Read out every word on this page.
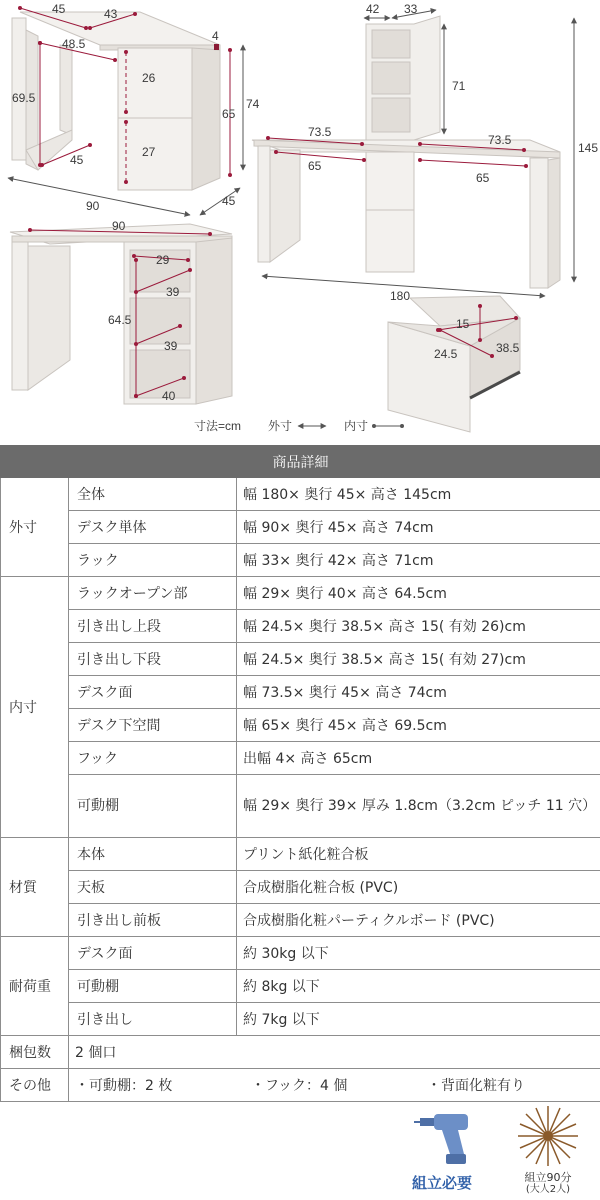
45	43
48.5
4
69.5
26
74
65
45
27
90	45
42 33
71
73.5
73.5
65
65
145
180
90
29
39
64.5
39
40
15
38.5
24.5
寸法=cm 外寸	内寸
商品詳細		
外寸	全体	幅 180× 奥行 45× 高さ 145cm
	デスク単体	幅 90× 奥行 45× 高さ 74cm
	ラック	幅 33× 奥行 42× 高さ 71cm
内寸	ラックオープン部	幅 29× 奥行 40× 高さ 64.5cm
	引き出し上段	幅 24.5× 奥行 38.5× 高さ 15( 有効 26)cm
	引き出し下段	幅 24.5× 奥行 38.5× 高さ 15( 有効 27)cm
	デスク面	幅 73.5× 奥行 45× 高さ 74cm
	デスク下空間	幅 65× 奥行 45× 高さ 69.5cm
	フック	出幅 4× 高さ 65cm
	可動棚	幅 29× 奥行 39× 厚み 1.8cm（3.2cm ピッチ 11 穴）
材質	本体	プリント紙化粧合板
	天板	合成樹脂化粧合板 (PVC)
	引き出し前板	合成樹脂化粧パーティクルボード (PVC)
耐荷重	デスク面	約 30kg 以下
	可動棚	約 8kg 以下
	引き出し	約 7kg 以下
梱包数	2 個口	
その他	・可動棚：2 枚 ・フック：4 個 ・背面化粧有り	
組立必要	組立90分
(大人2人)
